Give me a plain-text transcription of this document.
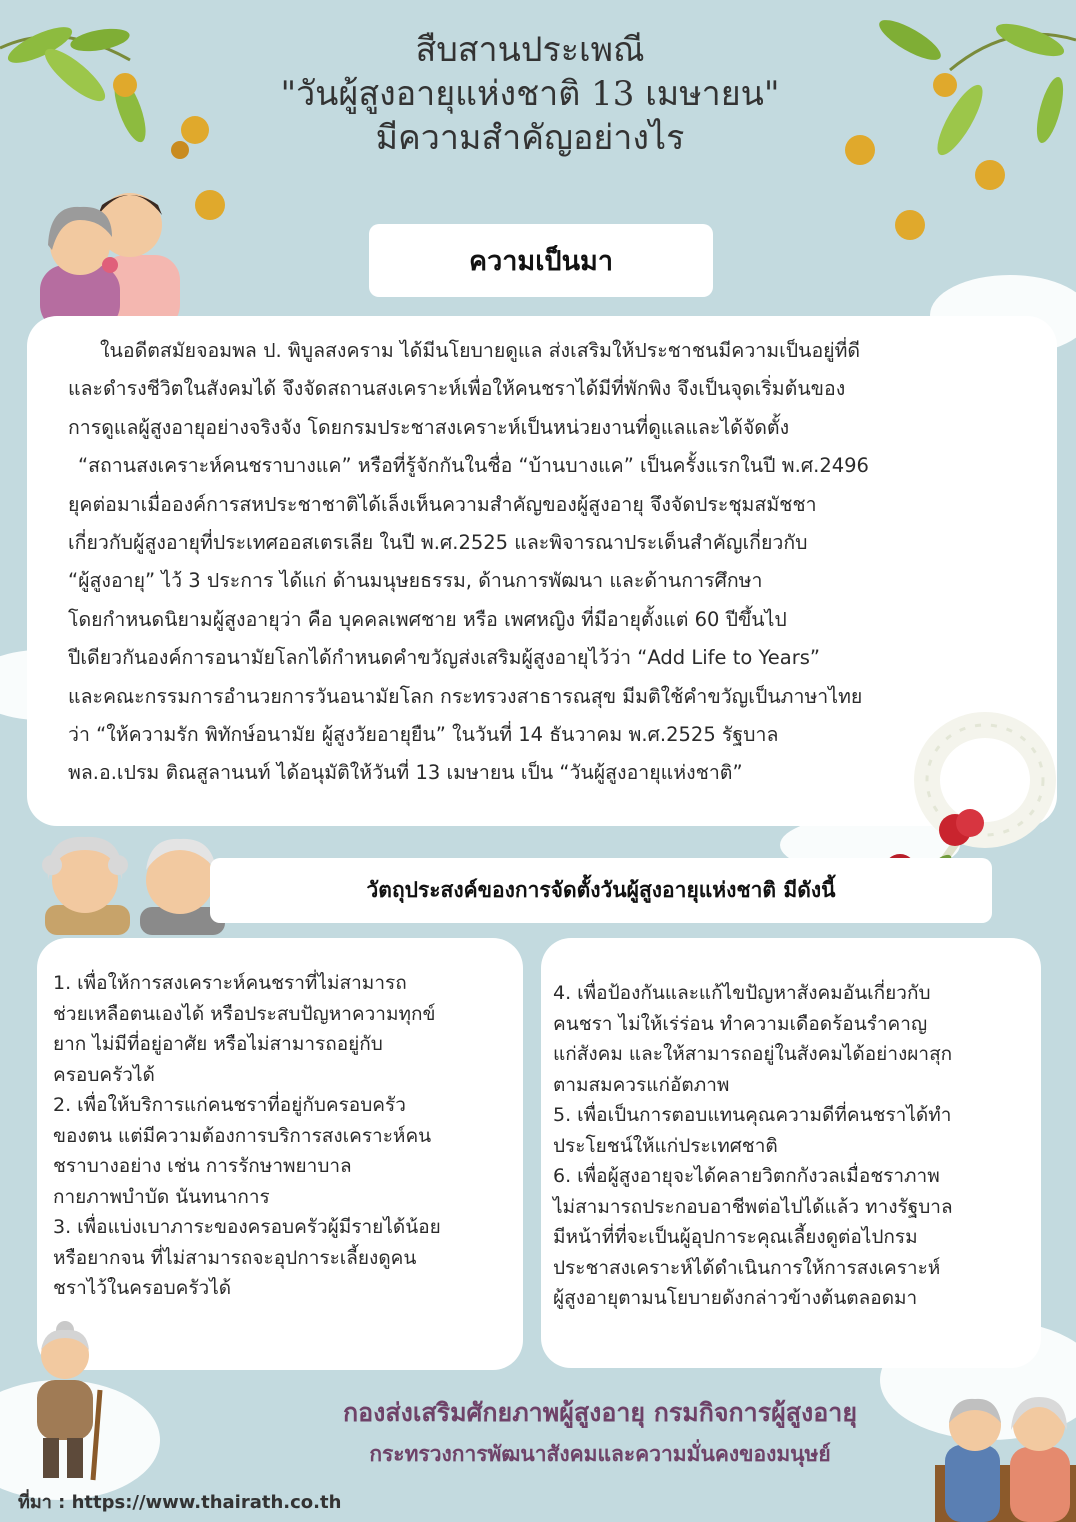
สืบสานประเพณี
"วันผู้สูงอายุแห่งชาติ 13 เมษายน"
มีความสำคัญอย่างไร
ความเป็นมา

ในอดีตสมัยจอมพล ป. พิบูลสงคราม ได้มีนโยบายดูแล ส่งเสริมให้ประชาชนมีความเป็นอยู่ที่ดี

และดำรงชีวิตในสังคมได้ จึงจัดสถานสงเคราะห์เพื่อให้คนชราได้มีที่พักพิง จึงเป็นจุดเริ่มต้นของ

การดูแลผู้สูงอายุอย่างจริงจัง โดยกรมประชาสงเคราะห์เป็นหน่วยงานที่ดูแลและได้จัดตั้ง

“สถานสงเคราะห์คนชราบางแค” หรือที่รู้จักกันในชื่อ “บ้านบางแค” เป็นครั้งแรกในปี พ.ศ.2496

ยุคต่อมาเมื่อองค์การสหประชาชาติได้เล็งเห็นความสำคัญของผู้สูงอายุ จึงจัดประชุมสมัชชา

เกี่ยวกับผู้สูงอายุที่ประเทศออสเตรเลีย ในปี พ.ศ.2525 และพิจารณาประเด็นสำคัญเกี่ยวกับ

“ผู้สูงอายุ” ไว้ 3 ประการ ได้แก่ ด้านมนุษยธรรม, ด้านการพัฒนา และด้านการศึกษา

โดยกำหนดนิยามผู้สูงอายุว่า คือ บุคคลเพศชาย หรือ เพศหญิง ที่มีอายุตั้งแต่ 60 ปีขึ้นไป

ปีเดียวกันองค์การอนามัยโลกได้กำหนดคำขวัญส่งเสริมผู้สูงอายุไว้ว่า “Add Life to Years”

และคณะกรรมการอำนวยการวันอนามัยโลก กระทรวงสาธารณสุข มีมติใช้คำขวัญเป็นภาษาไทย

ว่า “ให้ความรัก พิทักษ์อนามัย ผู้สูงวัยอายุยืน” ในวันที่ 14 ธันวาคม พ.ศ.2525 รัฐบาล

พล.อ.เปรม ติณสูลานนท์ ได้อนุมัติให้วันที่ 13 เมษายน เป็น “วันผู้สูงอายุแห่งชาติ”

วัตถุประสงค์ของการจัดตั้งวันผู้สูงอายุแห่งชาติ มีดังนี้

1. เพื่อให้การสงเคราะห์คนชราที่ไม่สามารถ

ช่วยเหลือตนเองได้ หรือประสบปัญหาความทุกข์

ยาก ไม่มีที่อยู่อาศัย หรือไม่สามารถอยู่กับ

ครอบครัวได้

2. เพื่อให้บริการแก่คนชราที่อยู่กับครอบครัว

ของตน แต่มีความต้องการบริการสงเคราะห์คน

ชราบางอย่าง เช่น การรักษาพยาบาล

กายภาพบำบัด นันทนาการ

3. เพื่อแบ่งเบาภาระของครอบครัวผู้มีรายได้น้อย

หรือยากจน ที่ไม่สามารถจะอุปการะเลี้ยงดูคน

ชราไว้ในครอบครัวได้

4. เพื่อป้องกันและแก้ไขปัญหาสังคมอันเกี่ยวกับ

คนชรา ไม่ให้เร่ร่อน ทำความเดือดร้อนรำคาญ

แก่สังคม และให้สามารถอยู่ในสังคมได้อย่างผาสุก

ตามสมควรแก่อัตภาพ

5. เพื่อเป็นการตอบแทนคุณความดีที่คนชราได้ทำ

ประโยชน์ให้แก่ประเทศชาติ

6. เพื่อผู้สูงอายุจะได้คลายวิตกกังวลเมื่อชราภาพ

ไม่สามารถประกอบอาชีพต่อไปได้แล้ว ทางรัฐบาล

มีหน้าที่ที่จะเป็นผู้อุปการะคุณเลี้ยงดูต่อไปกรม

ประชาสงเคราะห์ได้ดำเนินการให้การสงเคราะห์

ผู้สูงอายุตามนโยบายดังกล่าวข้างต้นตลอดมา

กองส่งเสริมศักยภาพผู้สูงอายุ กรมกิจการผู้สูงอายุ
กระทรวงการพัฒนาสังคมและความมั่นคงของมนุษย์
ที่มา : https://www.thairath.co.th
